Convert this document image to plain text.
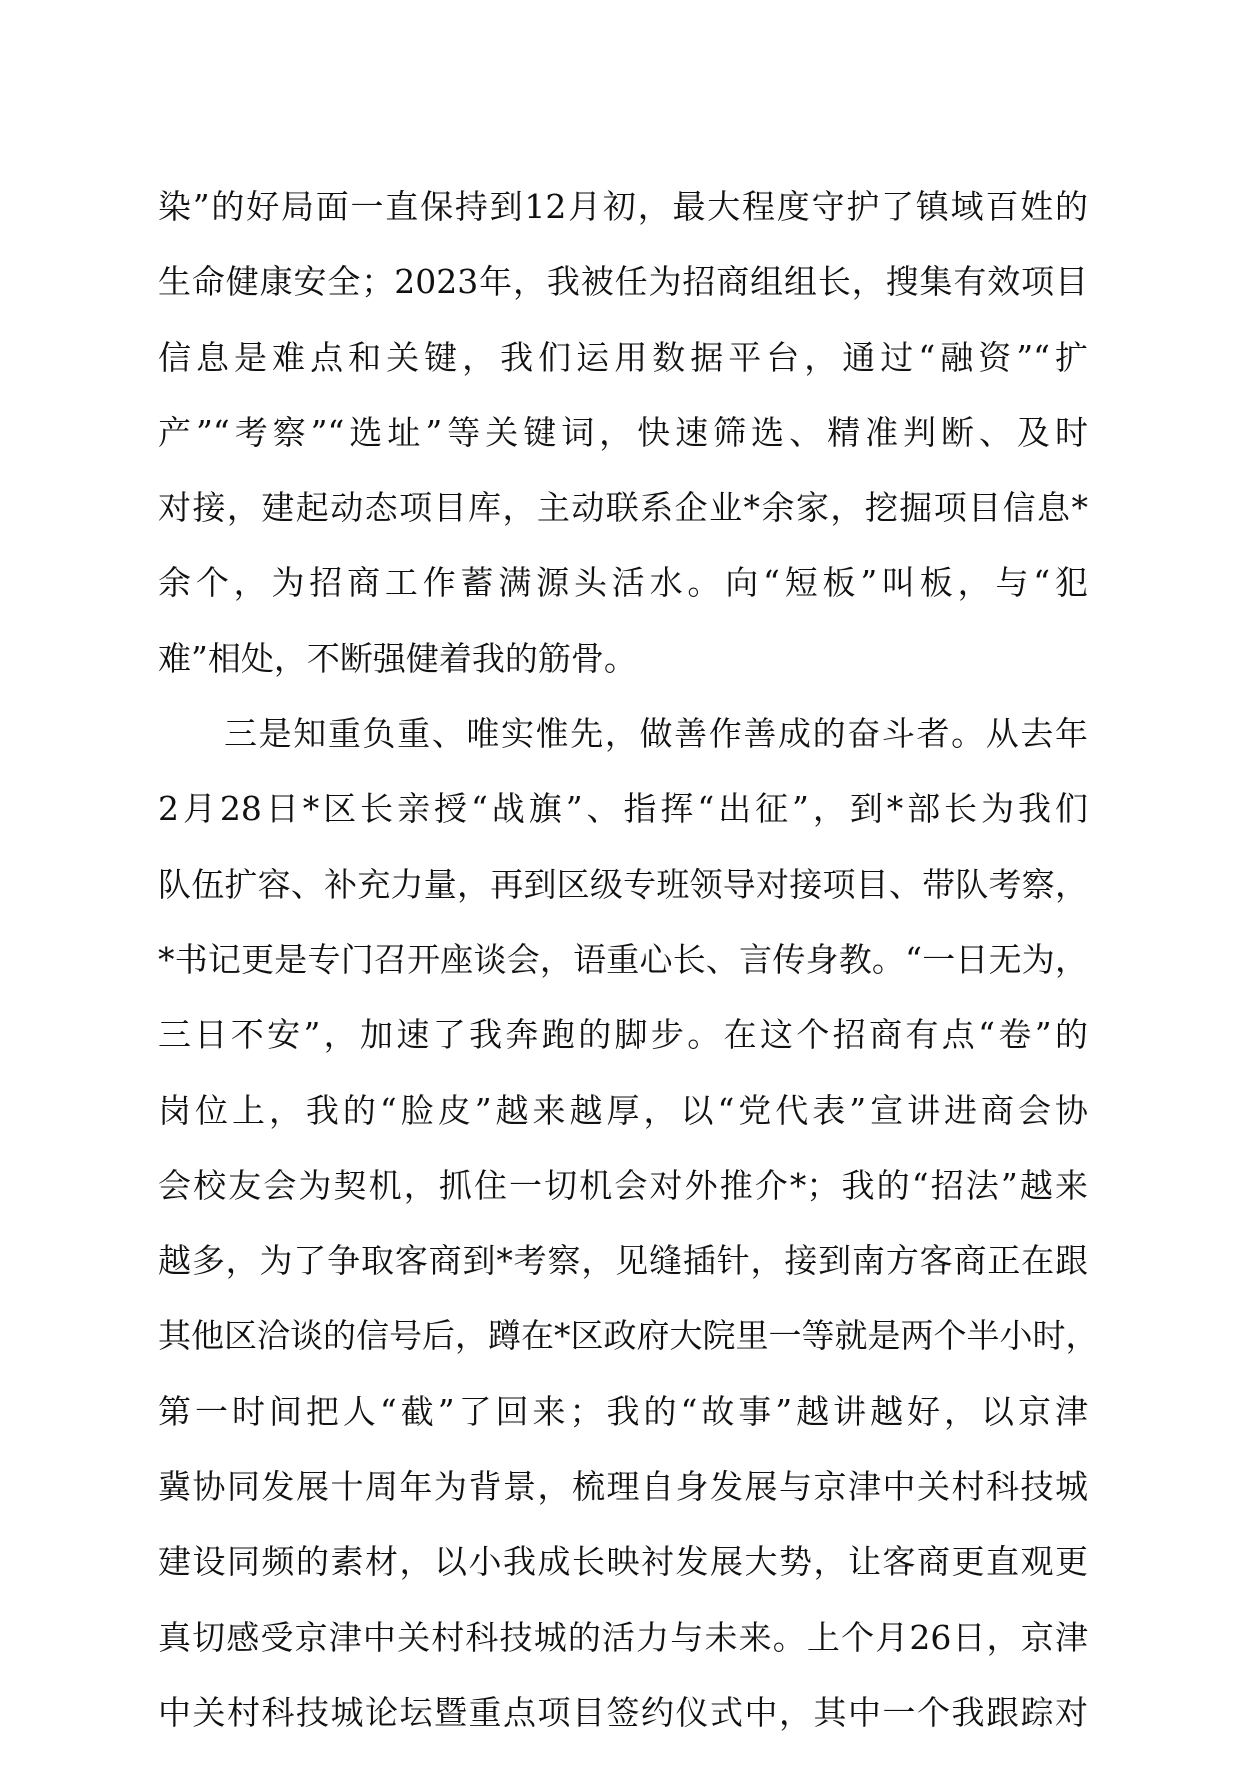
染”的好局面一直保持到12月初，最大程度守护了镇域百姓的
生命健康安全；2023年，我被任为招商组组长，搜集有效项目
信息是难点和关键，我们运用数据平台，通过“融资”“扩
产”“考察”“选址”等关键词，快速筛选、精准判断、及时
对接，建起动态项目库，主动联系企业*余家，挖掘项目信息*
余个，为招商工作蓄满源头活水。向“短板”叫板，与“犯
难”相处，不断强健着我的筋骨。
三是知重负重、唯实惟先，做善作善成的奋斗者。从去年
2月28日*区长亲授“战旗”、指挥“出征”，到*部长为我们
队伍扩容、补充力量，再到区级专班领导对接项目、带队考察，
*书记更是专门召开座谈会，语重心长、言传身教。“一日无为，
三日不安”，加速了我奔跑的脚步。在这个招商有点“卷”的
岗位上，我的“脸皮”越来越厚，以“党代表”宣讲进商会协
会校友会为契机，抓住一切机会对外推介*；我的“招法”越来
越多，为了争取客商到*考察，见缝插针，接到南方客商正在跟
其他区洽谈的信号后，蹲在*区政府大院里一等就是两个半小时，
第一时间把人“截”了回来；我的“故事”越讲越好，以京津
冀协同发展十周年为背景，梳理自身发展与京津中关村科技城
建设同频的素材，以小我成长映衬发展大势，让客商更直观更
真切感受京津中关村科技城的活力与未来。上个月26日，京津
中关村科技城论坛暨重点项目签约仪式中，其中一个我跟踪对
